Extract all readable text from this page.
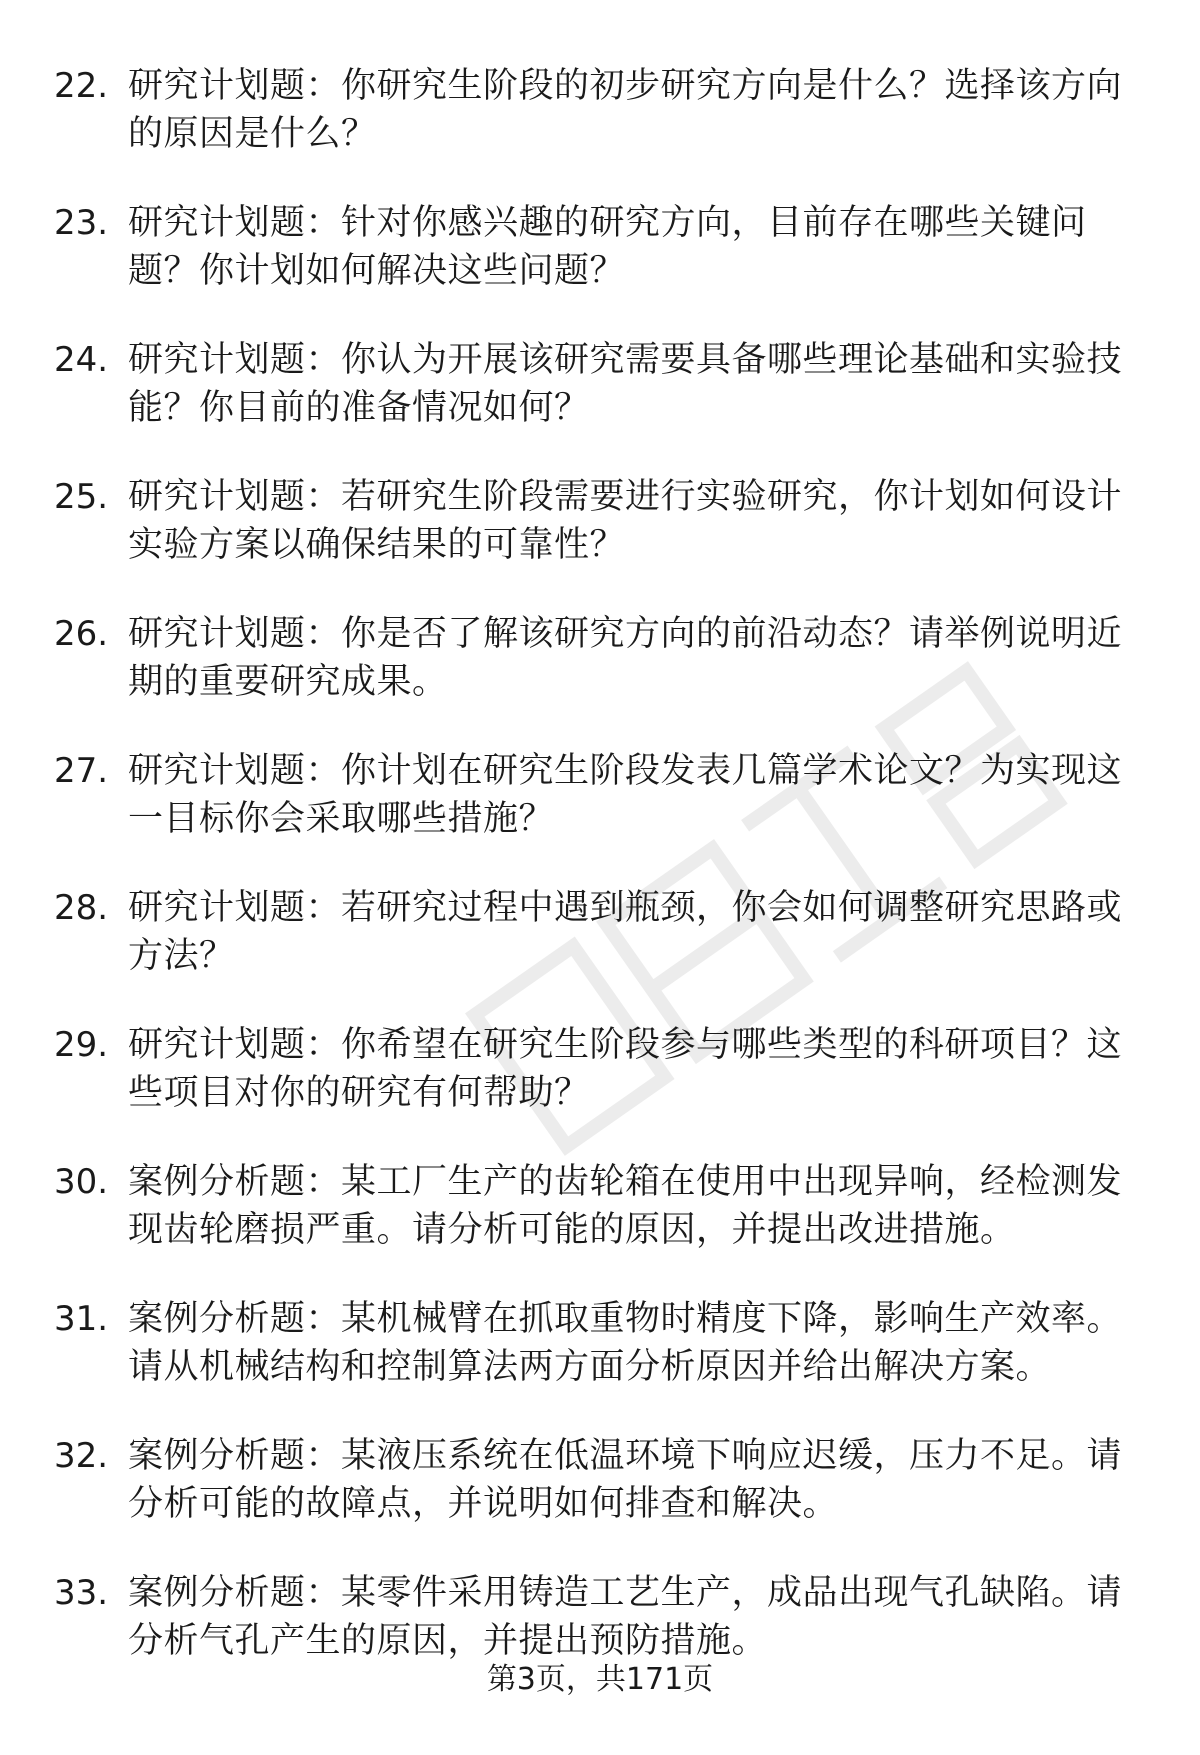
22. 研究计划题：你研究生阶段的初步研究方向是什么？选择该方向的原因是什么？
23. 研究计划题：针对你感兴趣的研究方向，目前存在哪些关键问题？你计划如何解决这些问题？
24. 研究计划题：你认为开展该研究需要具备哪些理论基础和实验技能？你目前的准备情况如何？
25. 研究计划题：若研究生阶段需要进行实验研究，你计划如何设计实验方案以确保结果的可靠性？
26. 研究计划题：你是否了解该研究方向的前沿动态？请举例说明近期的重要研究成果。
27. 研究计划题：你计划在研究生阶段发表几篇学术论文？为实现这一目标你会采取哪些措施？
28. 研究计划题：若研究过程中遇到瓶颈，你会如何调整研究思路或方法？
29. 研究计划题：你希望在研究生阶段参与哪些类型的科研项目？这些项目对你的研究有何帮助？
30. 案例分析题：某工厂生产的齿轮箱在使用中出现异响，经检测发现齿轮磨损严重。请分析可能的原因，并提出改进措施。
31. 案例分析题：某机械臂在抓取重物时精度下降，影响生产效率。请从机械结构和控制算法两方面分析原因并给出解决方案。
32. 案例分析题：某液压系统在低温环境下响应迟缓，压力不足。请分析可能的故障点，并说明如何排查和解决。
33. 案例分析题：某零件采用铸造工艺生产，成品出现气孔缺陷。请分析气孔产生的原因，并提出预防措施。
第3页，共171页
